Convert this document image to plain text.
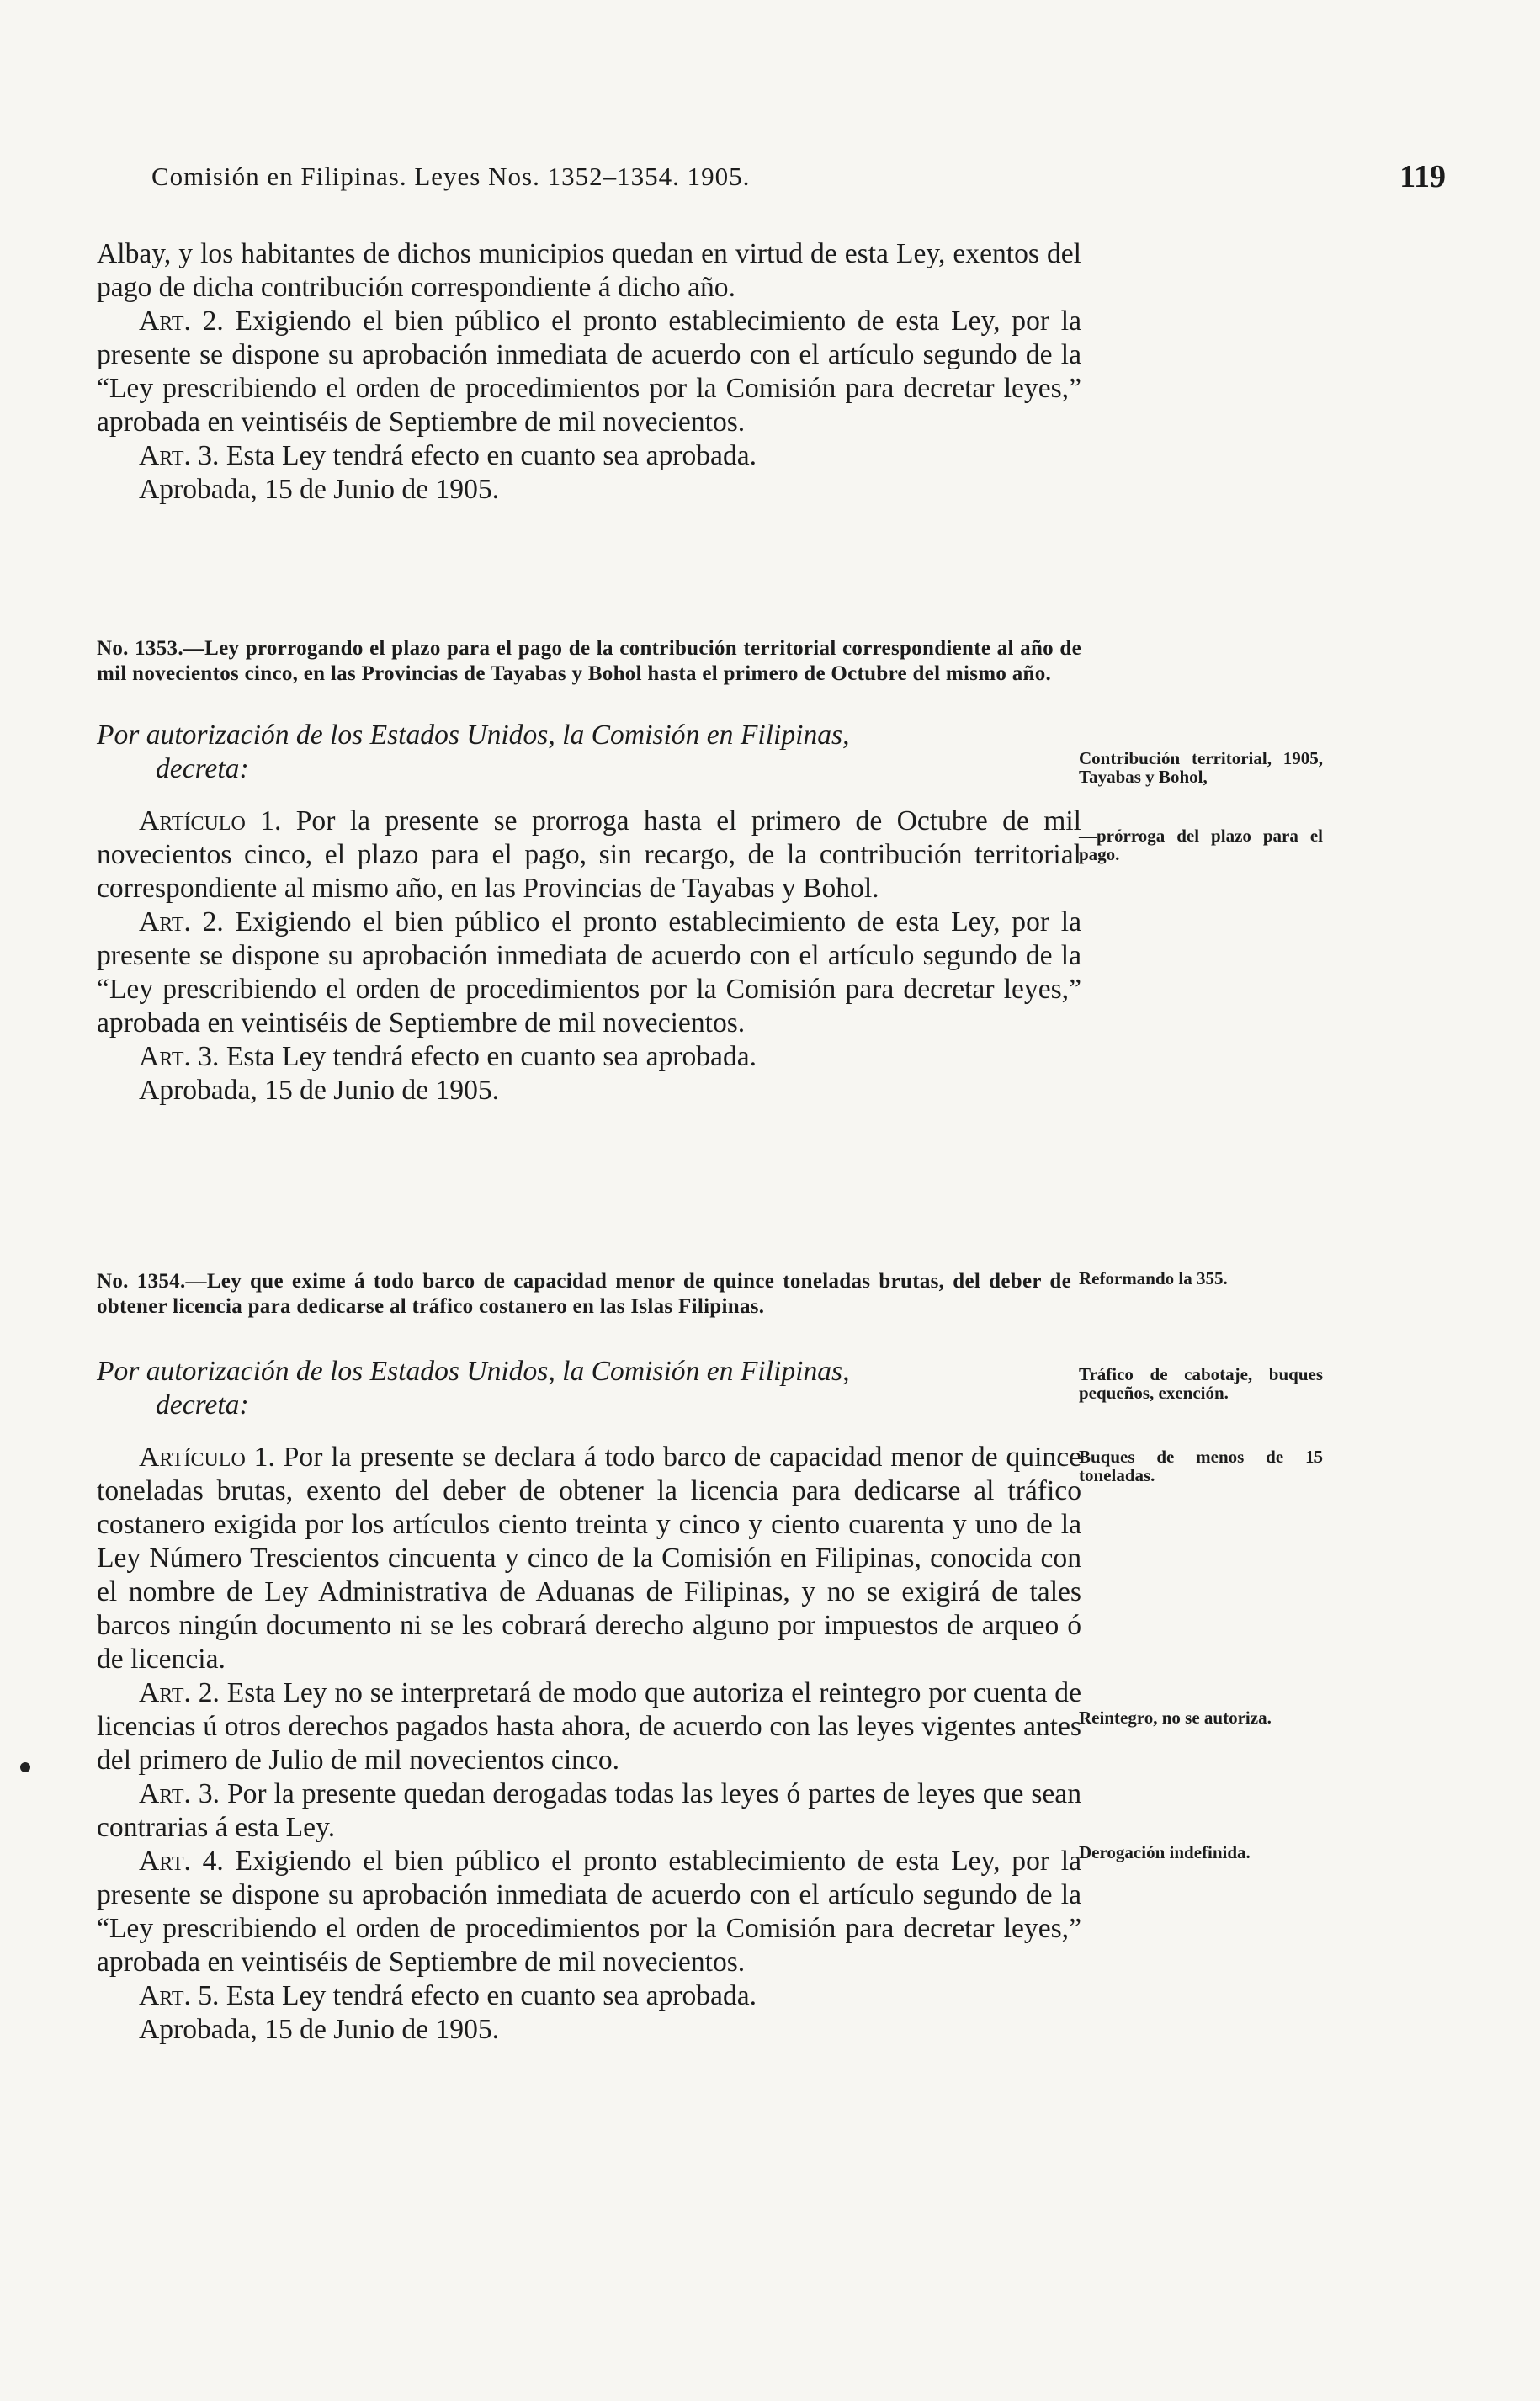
Comisión en Filipinas. Leyes Nos. 1352–1354. 1905.	119

Albay, y los habitantes de dichos municipios quedan en virtud de esta Ley, exentos del pago de dicha contribución correspondiente á dicho año.

Art. 2. Exigiendo el bien público el pronto establecimiento de esta Ley, por la presente se dispone su aprobación inmediata de acuerdo con el artículo segundo de la “Ley prescribiendo el orden de procedimientos por la Comisión para decretar leyes,” aprobada en veintiséis de Septiembre de mil novecientos.

Art. 3. Esta Ley tendrá efecto en cuanto sea aprobada.

Aprobada, 15 de Junio de 1905.

No. 1353.—Ley prorrogando el plazo para el pago de la contribución territorial correspondiente al año de mil novecientos cinco, en las Provincias de Tayabas y Bohol hasta el primero de Octubre del mismo año.

Por autorización de los Estados Unidos, la Comisión en Filipinas,
decreta:

Artículo 1. Por la presente se prorroga hasta el primero de Octubre de mil novecientos cinco, el plazo para el pago, sin recargo, de la contribución territorial correspondiente al mismo año, en las Provincias de Tayabas y Bohol.

Art. 2. Exigiendo el bien público el pronto establecimiento de esta Ley, por la presente se dispone su aprobación inmediata de acuerdo con el artículo segundo de la “Ley prescribiendo el orden de procedimientos por la Comisión para decretar leyes,” aprobada en veintiséis de Septiembre de mil novecientos.

Art. 3. Esta Ley tendrá efecto en cuanto sea aprobada.

Aprobada, 15 de Junio de 1905.

Contribución territorial, 1905, Tayabas y Bohol,
—prórroga del plazo para el pago.

No. 1354.—Ley que exime á todo barco de capacidad menor de quince toneladas brutas, del deber de obtener licencia para dedicarse al tráfico costanero en las Islas Filipinas.

Por autorización de los Estados Unidos, la Comisión en Filipinas,
decreta:

Artículo 1. Por la presente se declara á todo barco de capacidad menor de quince toneladas brutas, exento del deber de obtener la licencia para dedicarse al tráfico costanero exigida por los artículos ciento treinta y cinco y ciento cuarenta y uno de la Ley Número Trescientos cincuenta y cinco de la Comisión en Filipinas, conocida con el nombre de Ley Administrativa de Aduanas de Filipinas, y no se exigirá de tales barcos ningún documento ni se les cobrará derecho alguno por impuestos de arqueo ó de licencia.

Art. 2. Esta Ley no se interpretará de modo que autoriza el reintegro por cuenta de licencias ú otros derechos pagados hasta ahora, de acuerdo con las leyes vigentes antes del primero de Julio de mil novecientos cinco.

Art. 3. Por la presente quedan derogadas todas las leyes ó partes de leyes que sean contrarias á esta Ley.

Art. 4. Exigiendo el bien público el pronto establecimiento de esta Ley, por la presente se dispone su aprobación inmediata de acuerdo con el artículo segundo de la “Ley prescribiendo el orden de procedimientos por la Comisión para decretar leyes,” aprobada en veintiséis de Septiembre de mil novecientos.

Art. 5. Esta Ley tendrá efecto en cuanto sea aprobada.

Aprobada, 15 de Junio de 1905.

Reformando la 355.
Tráfico de cabotaje, buques pequeños, exención.
Buques de menos de 15 toneladas.
Reintegro, no se autoriza.
Derogación indefinida.
